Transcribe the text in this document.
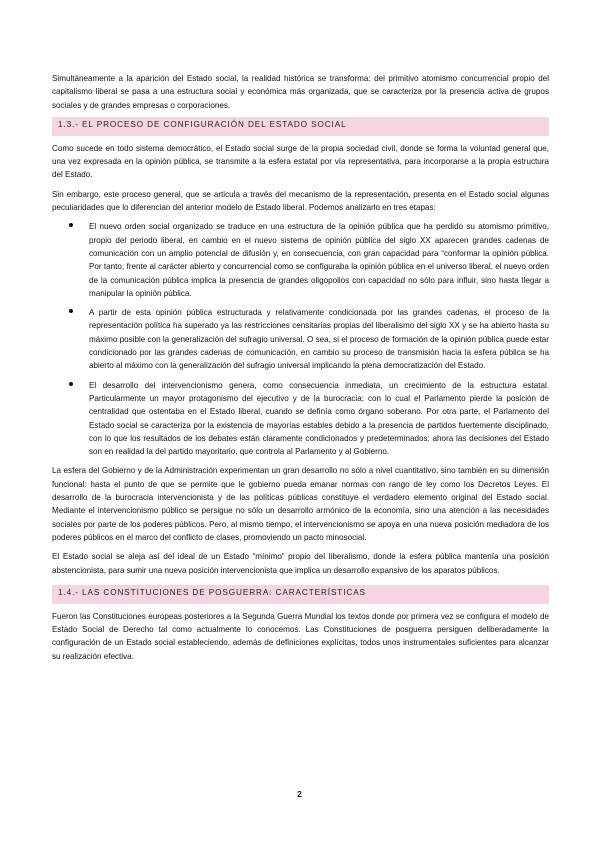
Simultáneamente a la aparición del Estado social, la realidad histórica se transforma: del primitivo atomismo concurrencial propio del capitalismo liberal se pasa a una estructura social y económica más organizada, que se caracteriza por la presencia activa de grupos sociales y de grandes empresas o corporaciones.

1.3.- EL PROCESO DE CONFIGURACIÓN DEL ESTADO SOCIAL

Como sucede en todo sistema democrático, el Estado social surge de la propia sociedad civil, donde se forma la voluntad general que, una vez expresada en la opinión pública, se transmite a la esfera estatal por vía representativa, para incorporarse a la propia estructura del Estado.

Sin embargo, este proceso general, que se articula a través del mecanismo de la representación, presenta en el Estado social algunas peculiaridades que lo diferencian del anterior modelo de Estado liberal. Podemos analizarlo en tres etapas:

El nuevo orden social organizado se traduce en una estructura de la opinión pública que ha perdido su atomismo primitivo, propio del periodo liberal, en cambio en el nuevo sistema de opinión pública del siglo XX aparecen grandes cadenas de comunicación con un amplio potencial de difusión y, en consecuencia, con gran capacidad para “conformar la opinión pública. Por tanto, frente al carácter abierto y concurrencial como se configuraba la opinión pública en el universo liberal, el nuevo orden de la comunicación pública implica la presencia de grandes oligopolios con capacidad no sólo para influir, sino hasta llegar a manipular la opinión pública.

A partir de esta opinión pública estructurada y relativamente condicionada por las grandes cadenas, el proceso de la representación política ha superado ya las restricciones censitarias propias del liberalismo del siglo XX y se ha abierto hasta su máximo posible con la generalización del sufragio universal. O sea, si el proceso de formación de la opinión pública puede estar condicionado por las grandes cadenas de comunicación, en cambio su proceso de transmisión hacia la esfera pública se ha abierto al máximo con la generalización del sufragio universal implicando la plena democratización del Estado.

El desarrollo del intervencionismo genera, como consecuencia inmediata, un crecimiento de la estructura estatal. Particularmente un mayor protagonismo del ejecutivo y de la burocracia; con lo cual el Parlamento pierde la posición de centralidad que ostentaba en el Estado liberal, cuando se definía como órgano soberano. Por otra parte, el Parlamento del Estado social se caracteriza por la existencia de mayorías estables debido a la presencia de partidos fuertemente disciplinado, con lo que los resultados de los debates están claramente condicionados y predeterminados: ahora las decisiones del Estado son en realidad la del partido mayoritario, que controla al Parlamento y al Gobierno.

La esfera del Gobierno y de la Administración experimentan un gran desarrollo no sólo a nivel cuantitativo, sino también en su dimensión funcional: hasta el punto de que se permite que le gobierno pueda emanar normas con rango de ley como los Decretos Leyes. El desarrollo de la burocracia intervencionista y de las políticas públicas constituye el verdadero elemento original del Estado social. Mediante el intervencionismo público se persigue no sólo un desarrollo armónico de la economía, sino una atención a las necesidades sociales por parte de los poderes públicos. Pero, al mismo tiempo, el intervencionismo se apoya en una nueva posición mediadora de los poderes públicos en el marco del conflicto de clases, promoviendo un pacto minosocial.

El Estado social se aleja así del ideal de un Estado “mínimo” propio del liberalismo, donde la esfera pública mantenía una posición abstencionista, para sumir una nueva posición intervencionista que implica un desarrollo expansivo de los aparatos públicos.

1.4.- LAS CONSTITUCIONES DE POSGUERRA: CARACTERÍSTICAS

Fueron las Constituciones europeas posteriores a la Segunda Guerra Mundial los textos donde por primera vez se configura el modelo de Estado Social de Derecho tal como actualmente lo conocemos. Las Constituciones de posguerra persiguen deliberadamente la configuración de un Estado social estableciendo, además de definiciones explícitas, todos unos instrumentales suficientes para alcanzar su realización efectiva.

2
